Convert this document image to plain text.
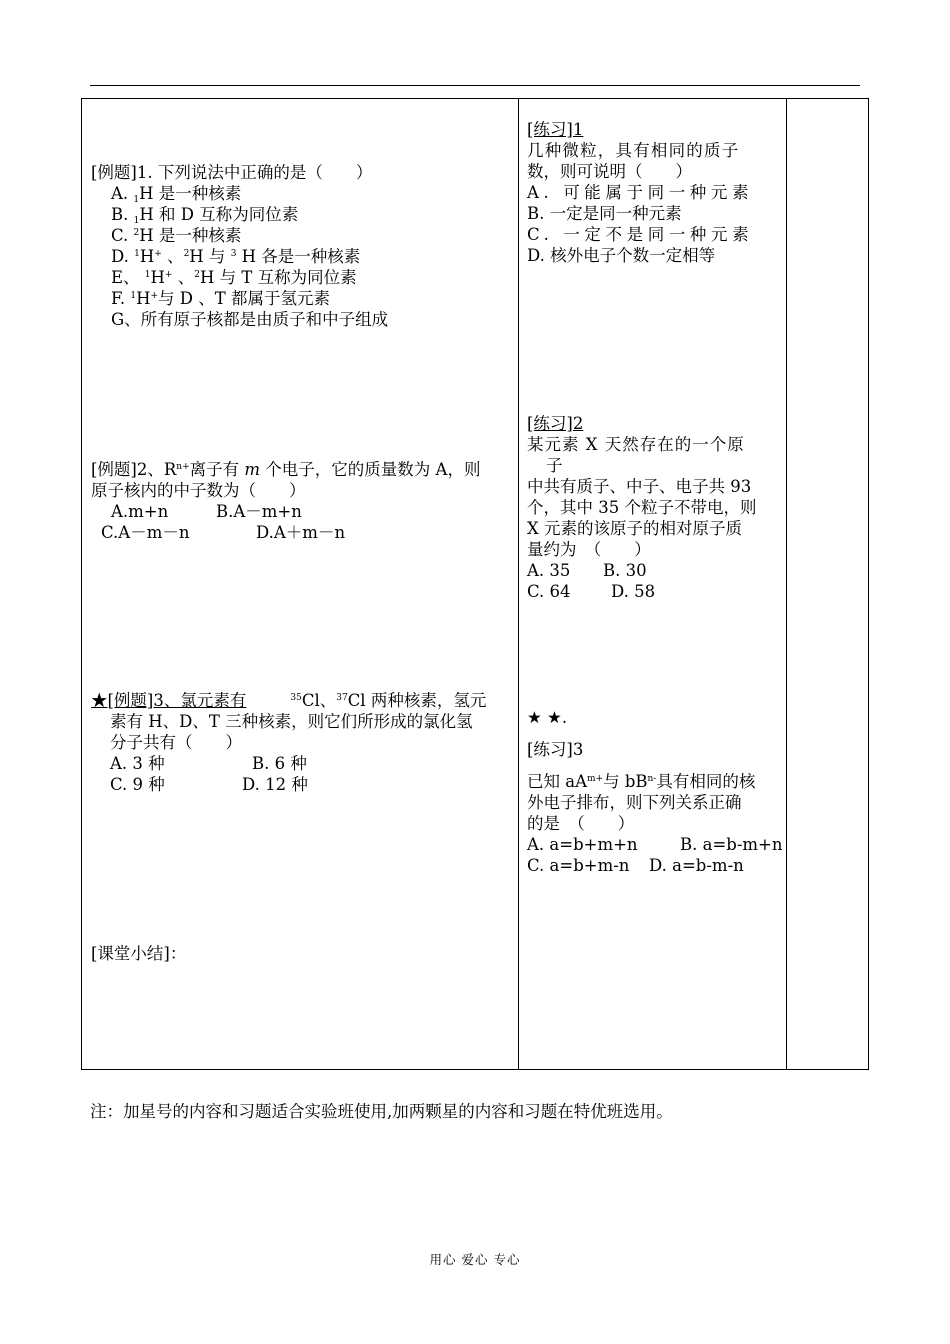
[例题]1. 下列说法中正确的是（　　）
A. $_1$H 是一种核素
B. $_1$H 和 D 互称为同位素
C. $^2$H 是一种核素
D. $^1$H+ 、$^2$H 与 $^3$ H 各是一种核素
E、 $^1$H+ 、$^2$H 与 T 互称为同位素
F. $^1$H+与 D 、T 都属于氢元素
G、所有原子核都是由质子和中子组成
[例题]2、$R^{n+}$离子有 m 个电子，它的质量数为 A，则
原子核内的中子数为（　　）
A.m+n	B.A－m+n
C.A－m－n	D.A＋m－n
★[例题]3、氯元素有	$^{35}$Cl、$^{37}$Cl 两种核素，氢元
素有 H、D、T 三种核素，则它们所形成的氯化氢
分子共有（　　）
A. 3 种	B. 6 种
C. 9 种	D. 12 种
[课堂小结]：
[练习]1
几种微粒，具有相同的质子
数，则可说明（　　）
A. 可能属于同一种元素
B. 一定是同一种元素
C. 一定不是同一种元素
D. 核外电子个数一定相等
[练习]2
某元素 X 天然存在的一个原
子
中共有质子、中子、电子共 93
个，其中 35 个粒子不带电，则
X 元素的该原子的相对原子质
量约为　（　　）
A. 35 B. 30
C. 64 D. 58
★ ★.
[练习]3
已知 $aA^{m+}$与 $bB^{n-}$具有相同的核
外电子排布，则下列关系正确
的是　（　　）
A. a=b+m+n	B. a=b-m+n
C. a=b+m-n D. a=b-m-n
注：加星号的内容和习题适合实验班使用,加两颗星的内容和习题在特优班选用。
用心 爱心 专心
